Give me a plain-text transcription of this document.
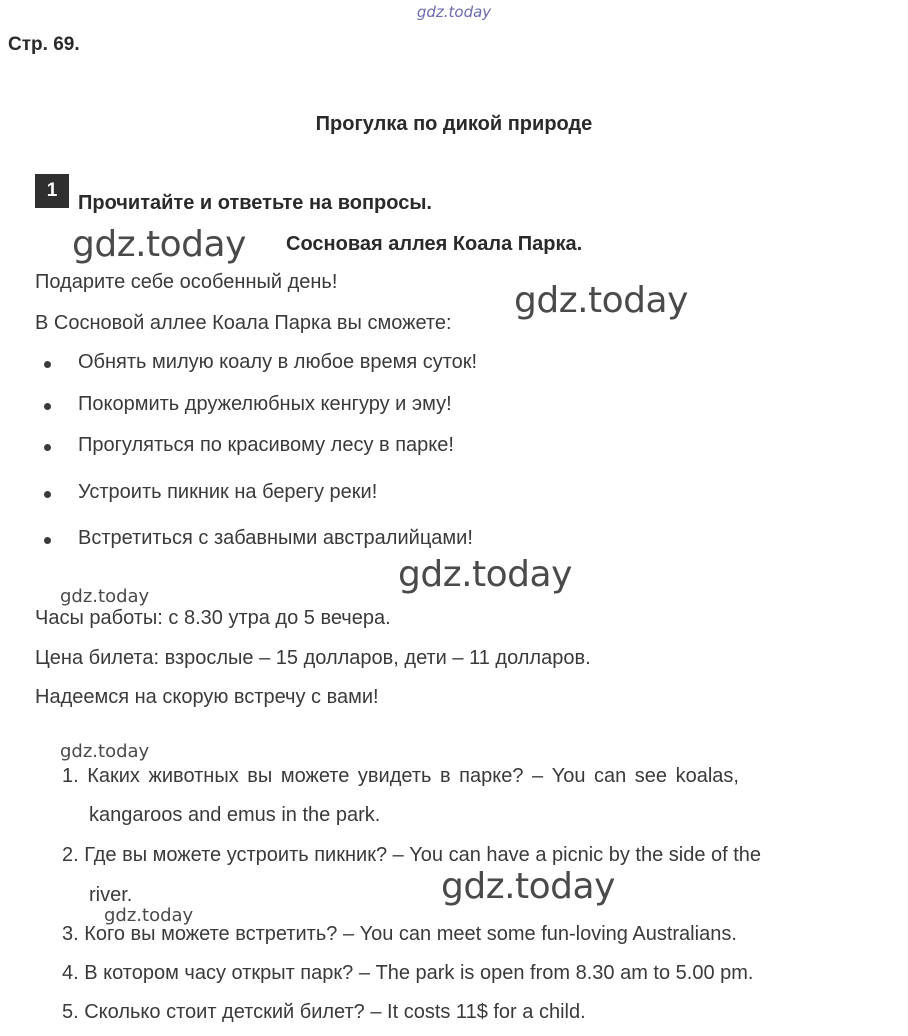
gdz.today
Стр. 69.
Прогулка по дикой природе
1
Прочитайте и ответьте на вопросы.
Сосновая аллея Коала Парка.
gdz.today
Подарите себе особенный день!
В Сосновой аллее Коала Парка вы сможете:
gdz.today
Обнять милую коалу в любое время суток!
Покормить дружелюбных кенгуру и эму!
Прогуляться по красивому лесу в парке!
Устроить пикник на берегу реки!
Встретиться с забавными австралийцами!
gdz.today
gdz.today
Часы работы: с 8.30 утра до 5 вечера.
Цена билета: взрослые – 15 долларов, дети – 11 долларов.
Надеемся на скорую встречу с вами!
gdz.today
1. Каких животных вы можете увидеть в парке? – You can see koalas,
kangaroos and emus in the park.
2. Где вы можете устроить пикник? – You can have a picnic by the side of the
river.	gdz.today
gdz.today
3. Кого вы можете встретить? – You can meet some fun-loving Australians.
4. В котором часу открыт парк? – The park is open from 8.30 am to 5.00 pm.
5. Сколько стоит детский билет? – It costs 11$ for a child.
